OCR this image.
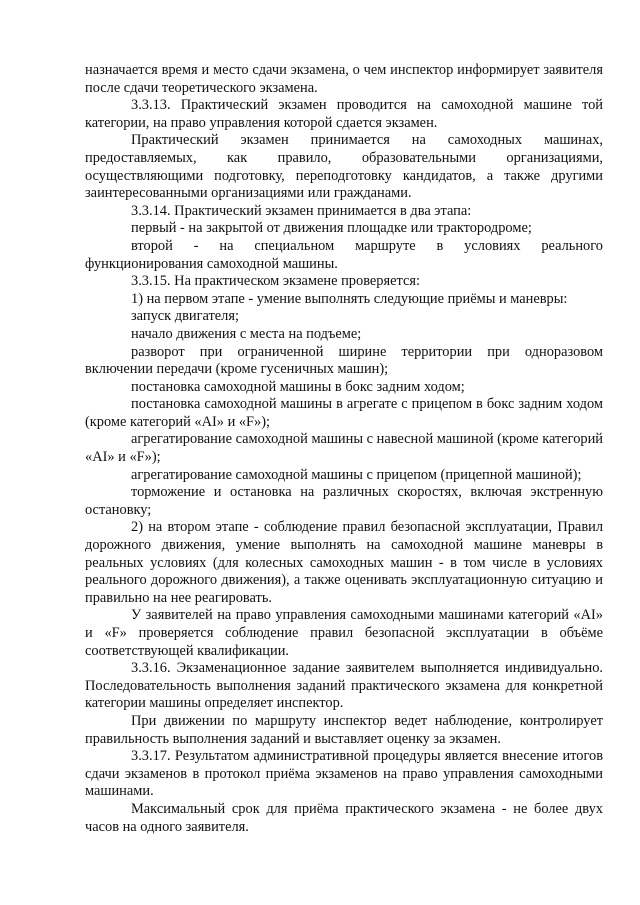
назначается время и место сдачи экзамена, о чем инспектор информирует заявителя после сдачи теоретического экзамена.

3.3.13. Практический экзамен проводится на самоходной машине той категории, на право управления которой сдается экзамен.

Практический экзамен принимается на самоходных машинах, предоставляемых, как правило, образовательными организациями, осуществляющими подготовку, переподготовку кандидатов, а также другими заинтересованными организациями или гражданами.

3.3.14. Практический экзамен принимается в два этапа:

первый - на закрытой от движения площадке или трактородроме;

второй - на специальном маршруте в условиях реального функционирования самоходной машины.

3.3.15. На практическом экзамене проверяется:

1) на первом этапе - умение выполнять следующие приёмы и маневры:

запуск двигателя;

начало движения с места на подъеме;

разворот при ограниченной ширине территории при одноразовом включении передачи (кроме гусеничных машин);

постановка самоходной машины в бокс задним ходом;

постановка самоходной машины в агрегате с прицепом в бокс задним ходом (кроме категорий «AI» и «F»);

агрегатирование самоходной машины с навесной машиной (кроме категорий «AI» и «F»);

агрегатирование самоходной машины с прицепом (прицепной машиной);

торможение и остановка на различных скоростях, включая экстренную остановку;

2) на втором этапе - соблюдение правил безопасной эксплуатации, Правил дорожного движения, умение выполнять на самоходной машине маневры в реальных условиях (для колесных самоходных машин - в том числе в условиях реального дорожного движения), а также оценивать эксплуатационную ситуацию и правильно на нее реагировать.

У заявителей на право управления самоходными машинами категорий «AI» и «F» проверяется соблюдение правил безопасной эксплуатации в объёме соответствующей квалификации.

3.3.16. Экзаменационное задание заявителем выполняется индивидуально. Последовательность выполнения заданий практического экзамена для конкретной категории машины определяет инспектор.

При движении по маршруту инспектор ведет наблюдение, контролирует правильность выполнения заданий и выставляет оценку за экзамен.

3.3.17. Результатом административной процедуры является внесение итогов сдачи экзаменов в протокол приёма экзаменов на право управления самоходными машинами.

Максимальный срок для приёма практического экзамена - не более двух часов на одного заявителя.
